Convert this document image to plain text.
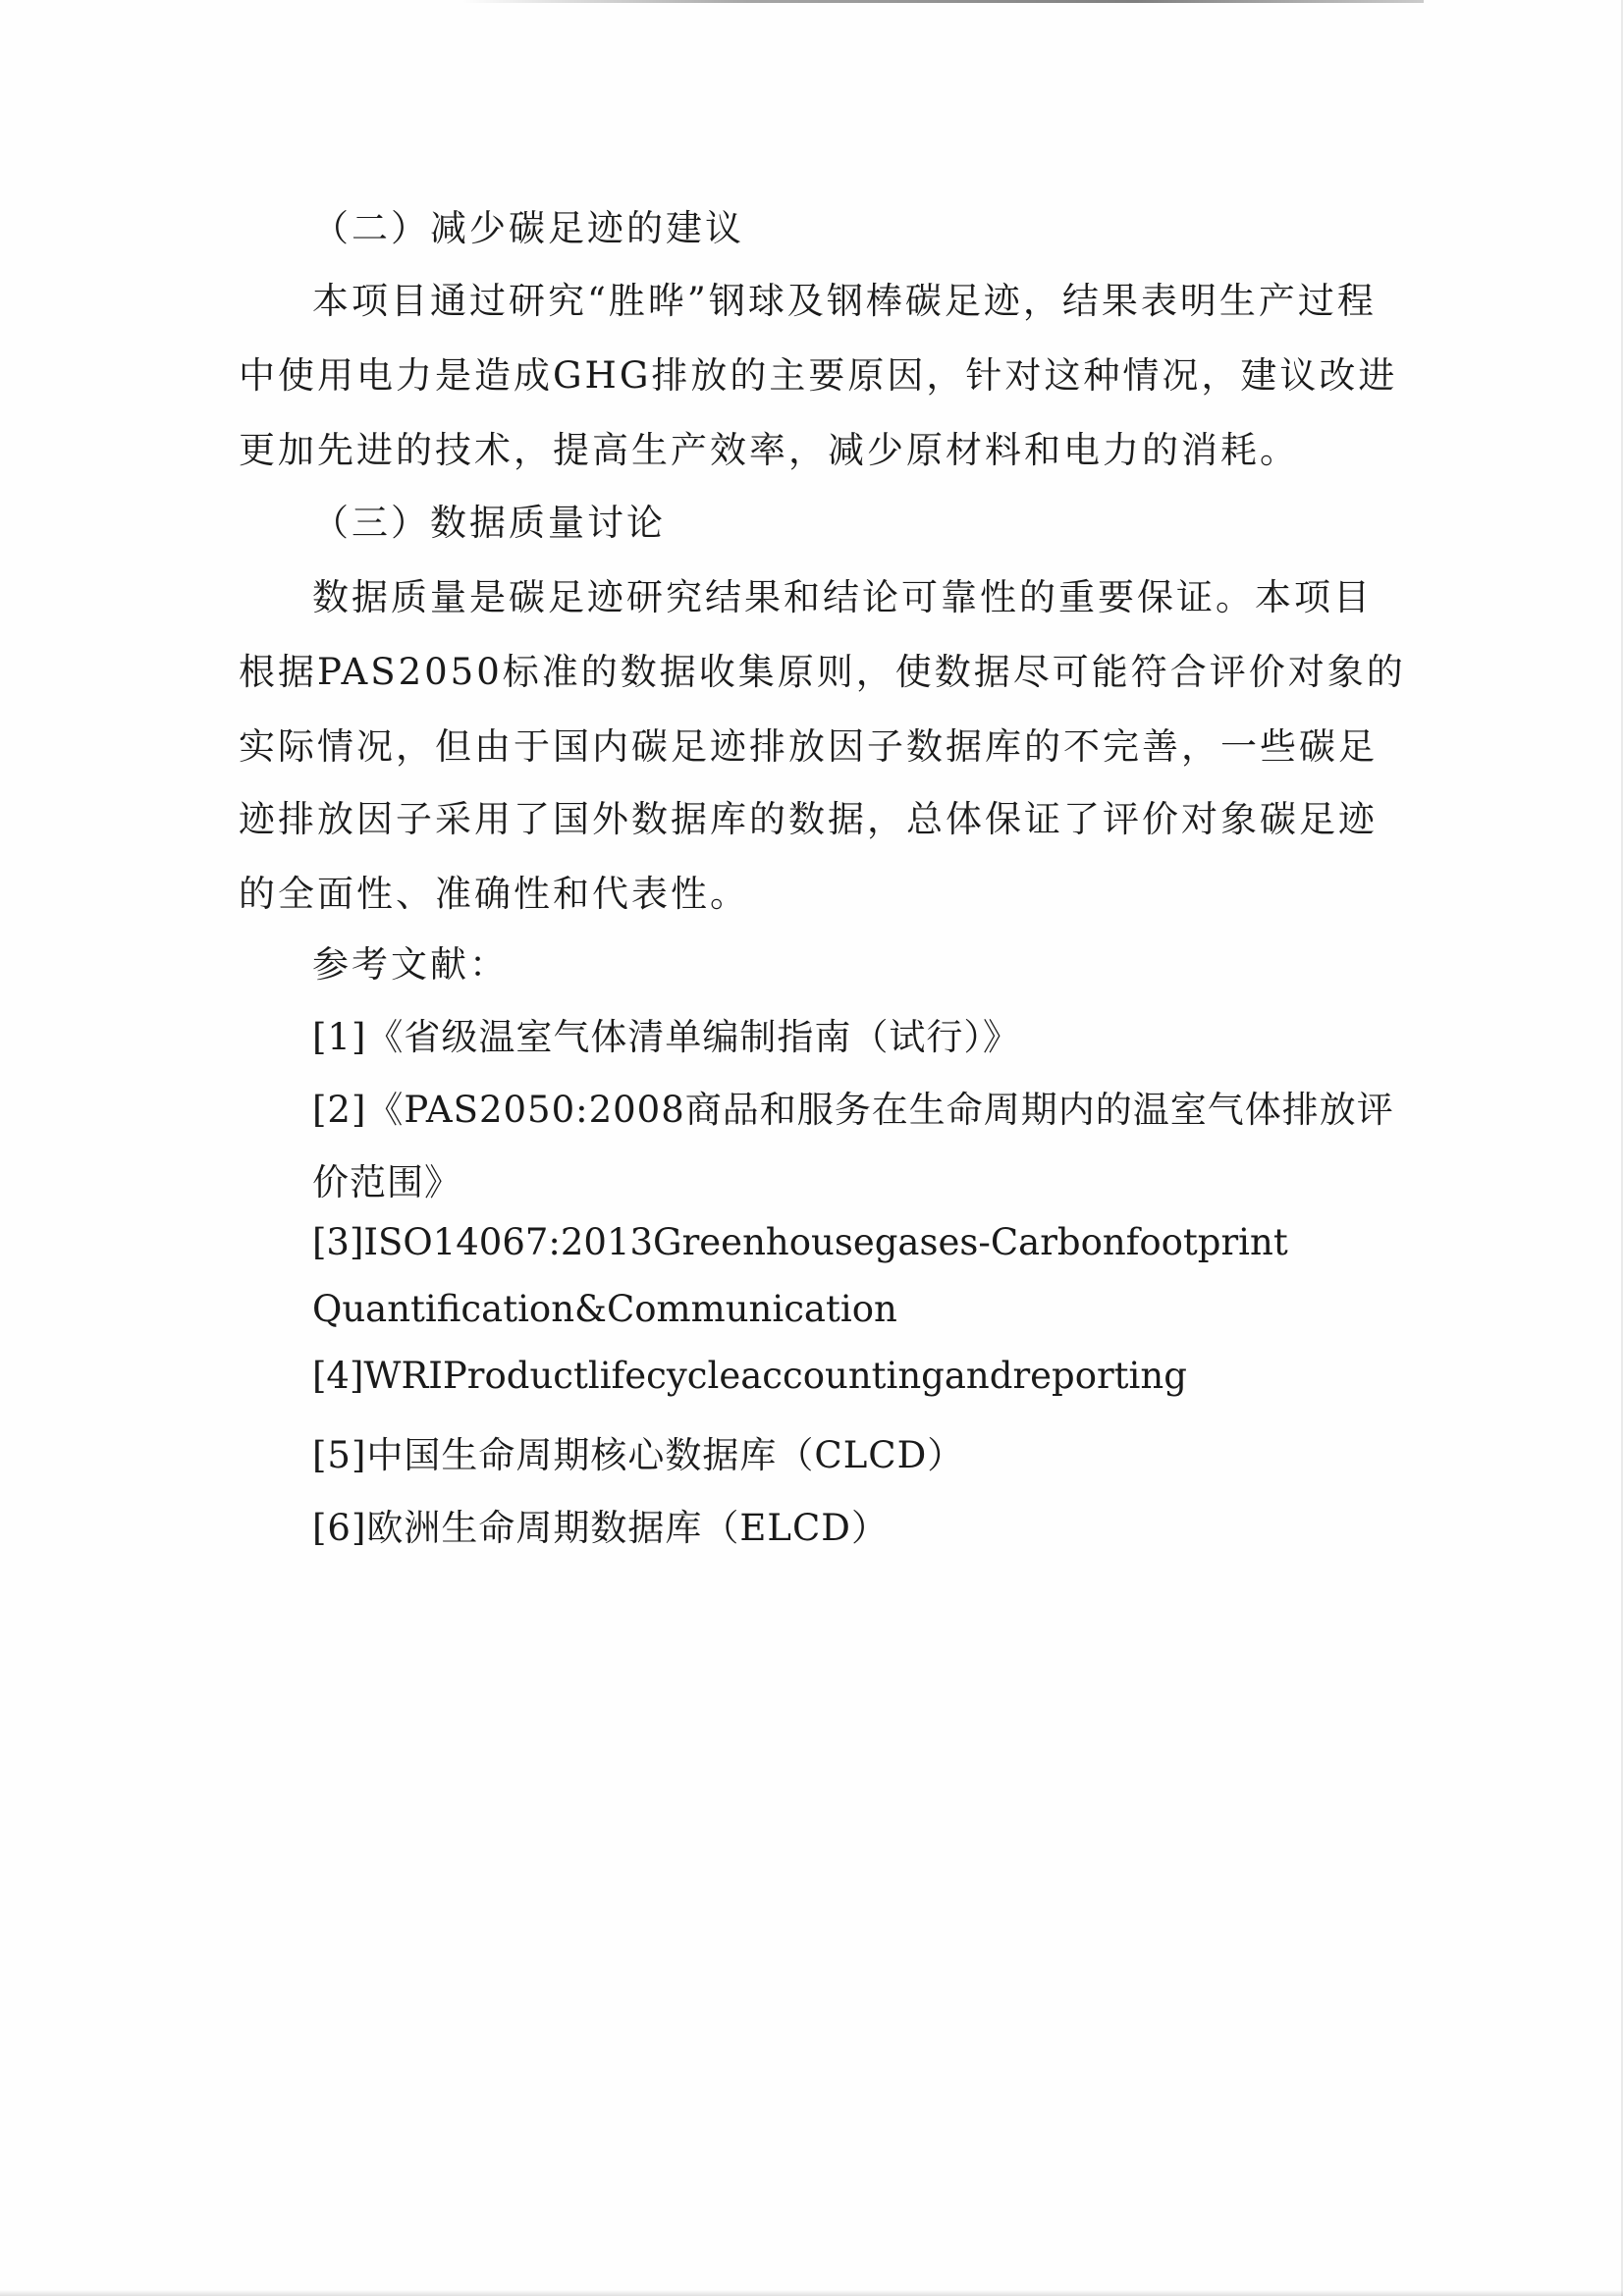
（二）减少碳足迹的建议
本项目通过研究“胜晔”钢球及钢棒碳足迹，结果表明生产过程
中使用电力是造成GHG排放的主要原因，针对这种情况，建议改进
更加先进的技术，提高生产效率，减少原材料和电力的消耗。
（三）数据质量讨论
数据质量是碳足迹研究结果和结论可靠性的重要保证。本项目
根据PAS2050标准的数据收集原则，使数据尽可能符合评价对象的
实际情况，但由于国内碳足迹排放因子数据库的不完善，一些碳足
迹排放因子采用了国外数据库的数据，总体保证了评价对象碳足迹
的全面性、准确性和代表性。
参考文献：
[1]《省级温室气体清单编制指南（试行）》
[2]《PAS2050:2008商品和服务在生命周期内的温室气体排放评
价范围》
[3]ISO14067:2013Greenhousegases-Carbonfootprint
Quantification&Communication
[4]WRIProductlifecycleaccountingandreporting
[5]中国生命周期核心数据库（CLCD）
[6]欧洲生命周期数据库（ELCD）
